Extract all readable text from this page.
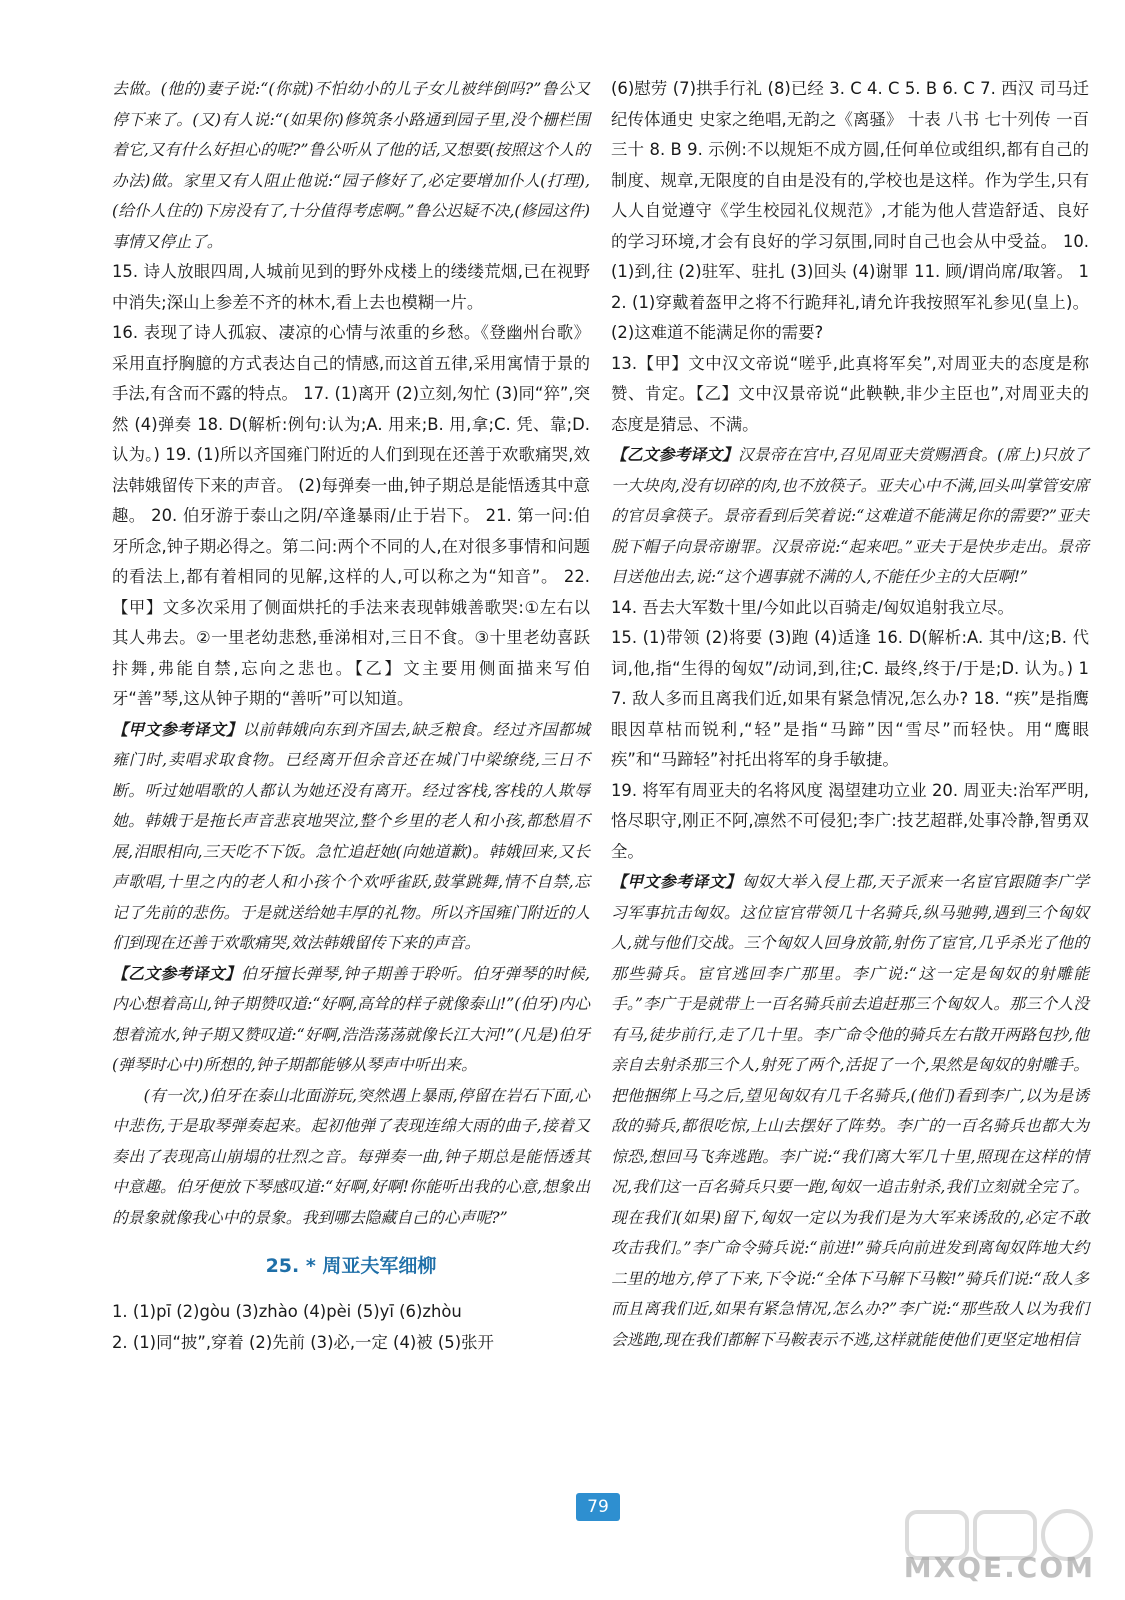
去做。(他的)妻子说:“(你就)不怕幼小的儿子女儿被绊倒吗?”鲁公又停下来了。(又)有人说:“(如果你)修筑条小路通到园子里,没个栅栏围着它,又有什么好担心的呢?”鲁公听从了他的话,又想要(按照这个人的办法)做。家里又有人阻止他说:“园子修好了,必定要增加仆人(打理),(给仆人住的)下房没有了,十分值得考虑啊。”鲁公迟疑不决,(修园这件)事情又停止了。

15. 诗人放眼四周,人城前见到的野外戍楼上的缕缕荒烟,已在视野中消失;深山上参差不齐的林木,看上去也模糊一片。

16. 表现了诗人孤寂、凄凉的心情与浓重的乡愁。《登幽州台歌》采用直抒胸臆的方式表达自己的情感,而这首五律,采用寓情于景的手法,有含而不露的特点。 17. (1)离开 (2)立刻,匆忙 (3)同“猝”,突然 (4)弹奏 18. D(解析:例句:认为;A. 用来;B. 用,拿;C. 凭、靠;D. 认为。) 19. (1)所以齐国雍门附近的人们到现在还善于欢歌痛哭,效法韩娥留传下来的声音。 (2)每弹奏一曲,钟子期总是能悟透其中意趣。 20. 伯牙游于泰山之阴/卒逢暴雨/止于岩下。 21. 第一问:伯牙所念,钟子期必得之。第二问:两个不同的人,在对很多事情和问题的看法上,都有着相同的见解,这样的人,可以称之为“知音”。 22.【甲】文多次采用了侧面烘托的手法来表现韩娥善歌哭:①左右以其人弗去。②一里老幼悲愁,垂涕相对,三日不食。③十里老幼喜跃抃舞,弗能自禁,忘向之悲也。【乙】文主要用侧面描来写伯牙“善”琴,这从钟子期的“善听”可以知道。

【甲文参考译文】以前韩娥向东到齐国去,缺乏粮食。经过齐国都城雍门时,卖唱求取食物。已经离开但余音还在城门中梁缭绕,三日不断。听过她唱歌的人都认为她还没有离开。经过客栈,客栈的人欺辱她。韩娥于是拖长声音悲哀地哭泣,整个乡里的老人和小孩,都愁眉不展,泪眼相向,三天吃不下饭。急忙追赶她(向她道歉)。韩娥回来,又长声歌唱,十里之内的老人和小孩个个欢呼雀跃,鼓掌跳舞,情不自禁,忘记了先前的悲伤。于是就送给她丰厚的礼物。所以齐国雍门附近的人们到现在还善于欢歌痛哭,效法韩娥留传下来的声音。

【乙文参考译文】伯牙擅长弹琴,钟子期善于聆听。伯牙弹琴的时候,内心想着高山,钟子期赞叹道:“好啊,高耸的样子就像泰山!”(伯牙)内心想着流水,钟子期又赞叹道:“好啊,浩浩荡荡就像长江大河!”(凡是)伯牙(弹琴时心中)所想的,钟子期都能够从琴声中听出来。

(有一次,)伯牙在泰山北面游玩,突然遇上暴雨,停留在岩石下面,心中悲伤,于是取琴弹奏起来。起初他弹了表现连绵大雨的曲子,接着又奏出了表现高山崩塌的壮烈之音。每弹奏一曲,钟子期总是能悟透其中意趣。伯牙便放下琴感叹道:“好啊,好啊!你能听出我的心意,想象出的景象就像我心中的景象。我到哪去隐藏自己的心声呢?”

25. * 周亚夫军细柳

1. (1)pī (2)gòu (3)zhào (4)pèi (5)yī (6)zhòu

2. (1)同“披”,穿着 (2)先前 (3)必,一定 (4)被 (5)张开

(6)慰劳 (7)拱手行礼 (8)已经 3. C 4. C 5. B 6. C 7. 西汉 司马迁 纪传体通史 史家之绝唱,无韵之《离骚》 十表 八书 七十列传 一百三十 8. B 9. 示例:不以规矩不成方圆,任何单位或组织,都有自己的制度、规章,无限度的自由是没有的,学校也是这样。作为学生,只有人人自觉遵守《学生校园礼仪规范》,才能为他人营造舒适、良好的学习环境,才会有良好的学习氛围,同时自己也会从中受益。 10. (1)到,往 (2)驻军、驻扎 (3)回头 (4)谢罪 11. 顾/谓尚席/取箸。 12. (1)穿戴着盔甲之将不行跪拜礼,请允许我按照军礼参见(皇上)。(2)这难道不能满足你的需要?

13.【甲】文中汉文帝说“嗟乎,此真将军矣”,对周亚夫的态度是称赞、肯定。【乙】文中汉景帝说“此鞅鞅,非少主臣也”,对周亚夫的态度是猜忌、不满。

【乙文参考译文】汉景帝在宫中,召见周亚夫赏赐酒食。(席上)只放了一大块肉,没有切碎的肉,也不放筷子。亚夫心中不满,回头叫掌管安席的官员拿筷子。景帝看到后笑着说:“这难道不能满足你的需要?”亚夫脱下帽子向景帝谢罪。汉景帝说:“起来吧。”亚夫于是快步走出。景帝目送他出去,说:“这个遇事就不满的人,不能任少主的大臣啊!”

14. 吾去大军数十里/今如此以百骑走/匈奴追射我立尽。

15. (1)带领 (2)将要 (3)跑 (4)适逢 16. D(解析:A. 其中/这;B. 代词,他,指“生得的匈奴”/动词,到,往;C. 最终,终于/于是;D. 认为。) 17. 敌人多而且离我们近,如果有紧急情况,怎么办? 18. “疾”是指鹰眼因草枯而锐利,“轻”是指“马蹄”因“雪尽”而轻快。用“鹰眼疾”和“马蹄轻”衬托出将军的身手敏捷。

19. 将军有周亚夫的名将风度 渴望建功立业 20. 周亚夫:治军严明,恪尽职守,刚正不阿,凛然不可侵犯;李广:技艺超群,处事冷静,智勇双全。

【甲文参考译文】匈奴大举入侵上郡,天子派来一名宦官跟随李广学习军事抗击匈奴。这位宦官带领几十名骑兵,纵马驰骋,遇到三个匈奴人,就与他们交战。三个匈奴人回身放箭,射伤了宦官,几乎杀光了他的那些骑兵。宦官逃回李广那里。李广说:“这一定是匈奴的射雕能手。”李广于是就带上一百名骑兵前去追赶那三个匈奴人。那三个人没有马,徒步前行,走了几十里。李广命令他的骑兵左右散开两路包抄,他亲自去射杀那三个人,射死了两个,活捉了一个,果然是匈奴的射雕手。把他捆绑上马之后,望见匈奴有几千名骑兵,(他们)看到李广,以为是诱敌的骑兵,都很吃惊,上山去摆好了阵势。李广的一百名骑兵也都大为惊恐,想回马飞奔逃跑。李广说:“我们离大军几十里,照现在这样的情况,我们这一百名骑兵只要一跑,匈奴一追击射杀,我们立刻就全完了。现在我们(如果)留下,匈奴一定以为我们是为大军来诱敌的,必定不敢攻击我们。”李广命令骑兵说:“前进!”骑兵向前进发到离匈奴阵地大约二里的地方,停了下来,下令说:“全体下马解下马鞍!”骑兵们说:“敌人多而且离我们近,如果有紧急情况,怎么办?”李广说:“那些敌人以为我们会逃跑,现在我们都解下马鞍表示不逃,这样就能使他们更坚定地相信

79
MXQE.COM
